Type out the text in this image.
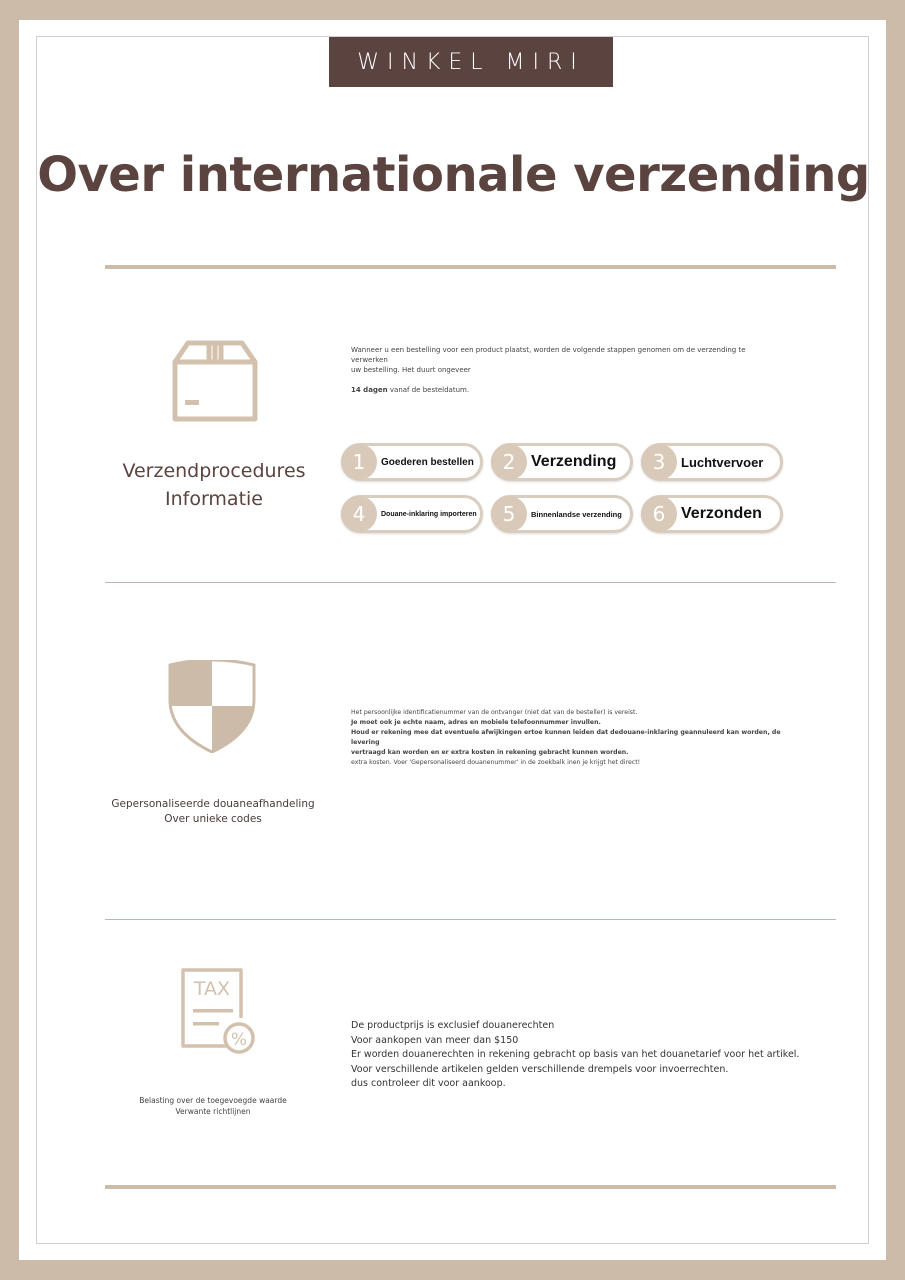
WINKEL MIRI
Over internationale verzending
Verzendprocedures
Informatie
Wanneer u een bestelling voor een product plaatst, worden de volgende stappen genomen om de verzending te verwerken
uw bestelling. Het duurt ongeveer
14 dagen vanaf de besteldatum.
1	Goederen bestellen	2 Verzending	3	Luchtvervoer
4	Douane-inklaring importeren	5	Binnenlandse verzending	6 Verzonden
Gepersonaliseerde douaneafhandeling
Over unieke codes
Het persoonlijke identificatienummer van de ontvanger (niet dat van de besteller) is vereist.
Je moet ook je echte naam, adres en mobiele telefoonnummer invullen.
Houd er rekening mee dat eventuele afwijkingen ertoe kunnen leiden dat dedouane-inklaring geannuleerd kan worden, de levering
vertraagd kan worden en er extra kosten in rekening gebracht kunnen worden.
extra kosten. Voer 'Gepersonaliseerd douanenummer' in de zoekbalk inen je krijgt het direct!
TAX
%
Belasting over de toegevoegde waarde
Verwante richtlijnen
De productprijs is exclusief douanerechten
Voor aankopen van meer dan $150
Er worden douanerechten in rekening gebracht op basis van het douanetarief voor het artikel.
Voor verschillende artikelen gelden verschillende drempels voor invoerrechten.
dus controleer dit voor aankoop.
